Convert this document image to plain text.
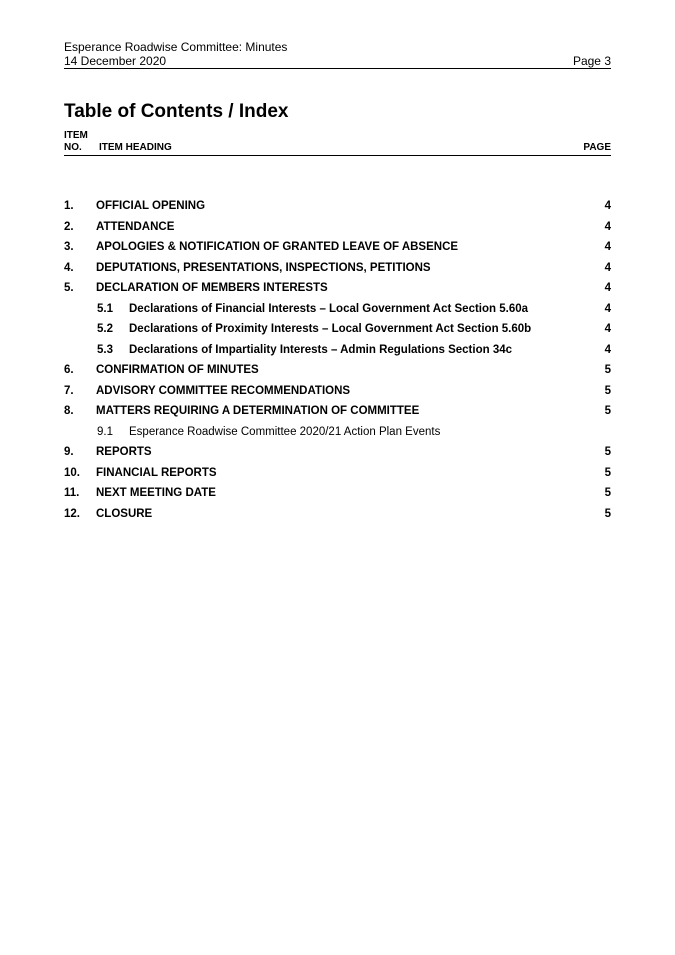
Esperance Roadwise Committee: Minutes
14 December 2020	Page 3
Table of Contents / Index
ITEM
NO. ITEM HEADING	PAGE
1. OFFICIAL OPENING	4
2. ATTENDANCE	4
3. APOLOGIES & NOTIFICATION OF GRANTED LEAVE OF ABSENCE	4
4. DEPUTATIONS, PRESENTATIONS, INSPECTIONS, PETITIONS	4
5. DECLARATION OF MEMBERS INTERESTS	4
5.1 Declarations of Financial Interests – Local Government Act Section 5.60a	4
5.2 Declarations of Proximity Interests – Local Government Act Section 5.60b	4
5.3 Declarations of Impartiality Interests – Admin Regulations Section 34c	4
6. CONFIRMATION OF MINUTES	5
7. ADVISORY COMMITTEE RECOMMENDATIONS	5
8. MATTERS REQUIRING A DETERMINATION OF COMMITTEE	5
9.1 Esperance Roadwise Committee 2020/21 Action Plan Events
9. REPORTS	5
10. FINANCIAL REPORTS	5
11. NEXT MEETING DATE	5
12. CLOSURE	5
